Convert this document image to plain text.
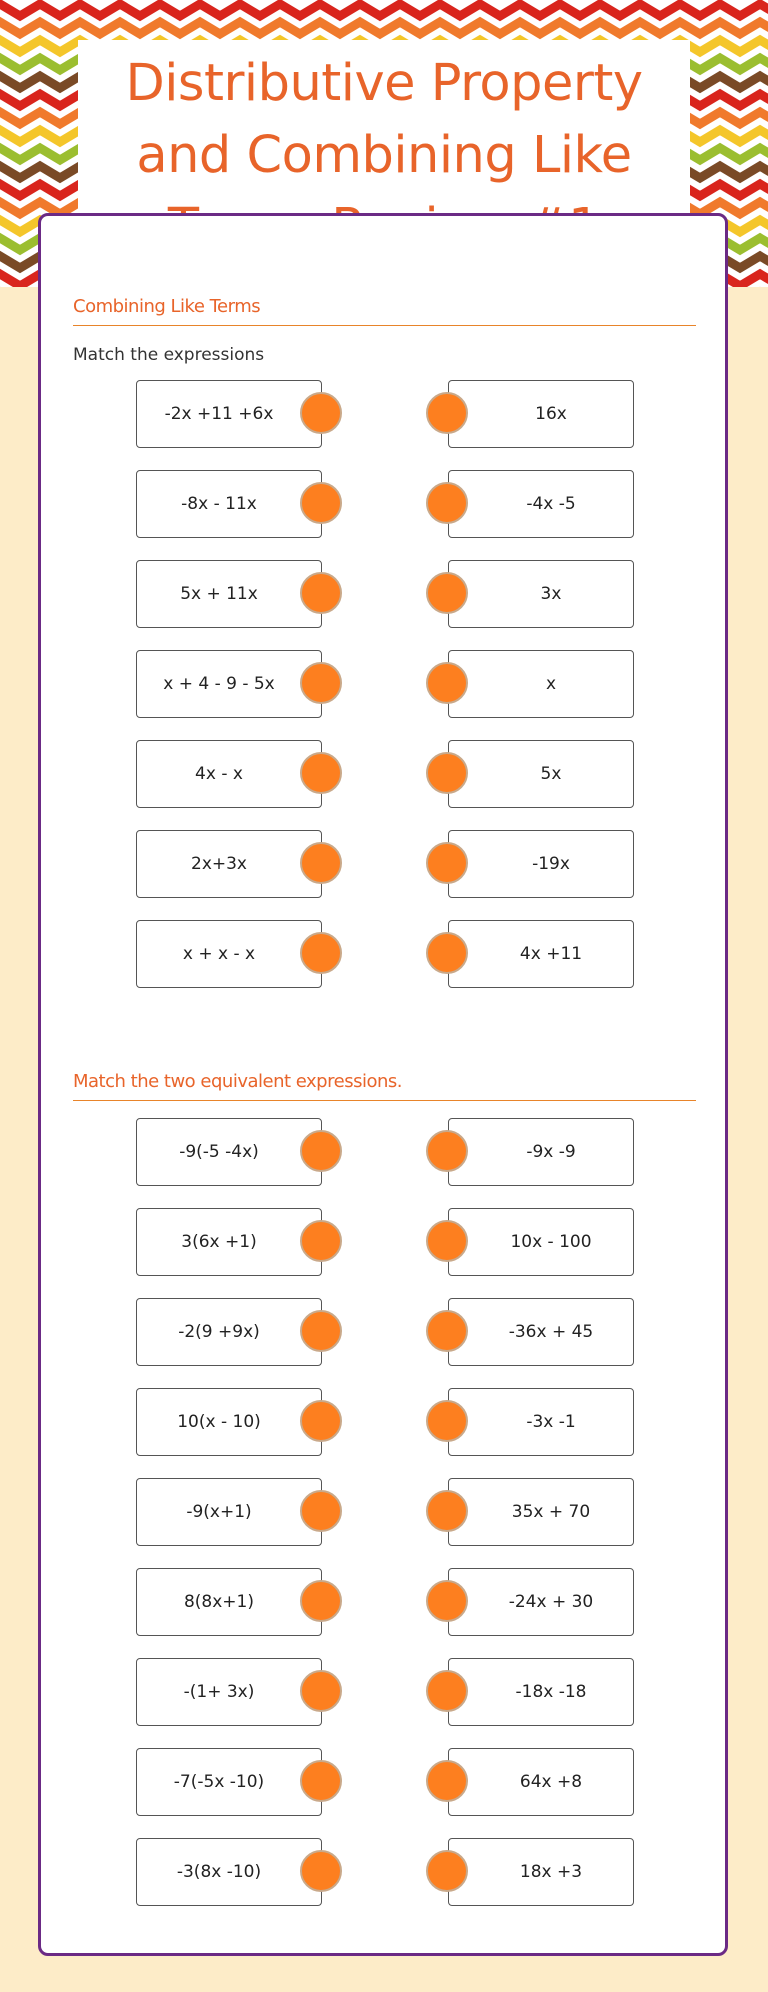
Distributive Property and Combining Like
Combining Like Terms
Match the expressions
-2x +11 +6x	16x
-8x - 11x	-4x -5
5x + 11x	3x
x + 4 - 9 - 5x	x
4x - x	5x
2x+3x	-19x
x + x - x	4x +11
Match the two equivalent expressions.
-9(-5 -4x)	-9x -9
3(6x +1)	10x - 100
-2(9 +9x)	-36x + 45
10(x - 10)	-3x -1
-9(x+1)	35x + 70
8(8x+1)	-24x + 30
-(1+ 3x)	-18x -18
-7(-5x -10)	64x +8
-3(8x -10)	18x +3
